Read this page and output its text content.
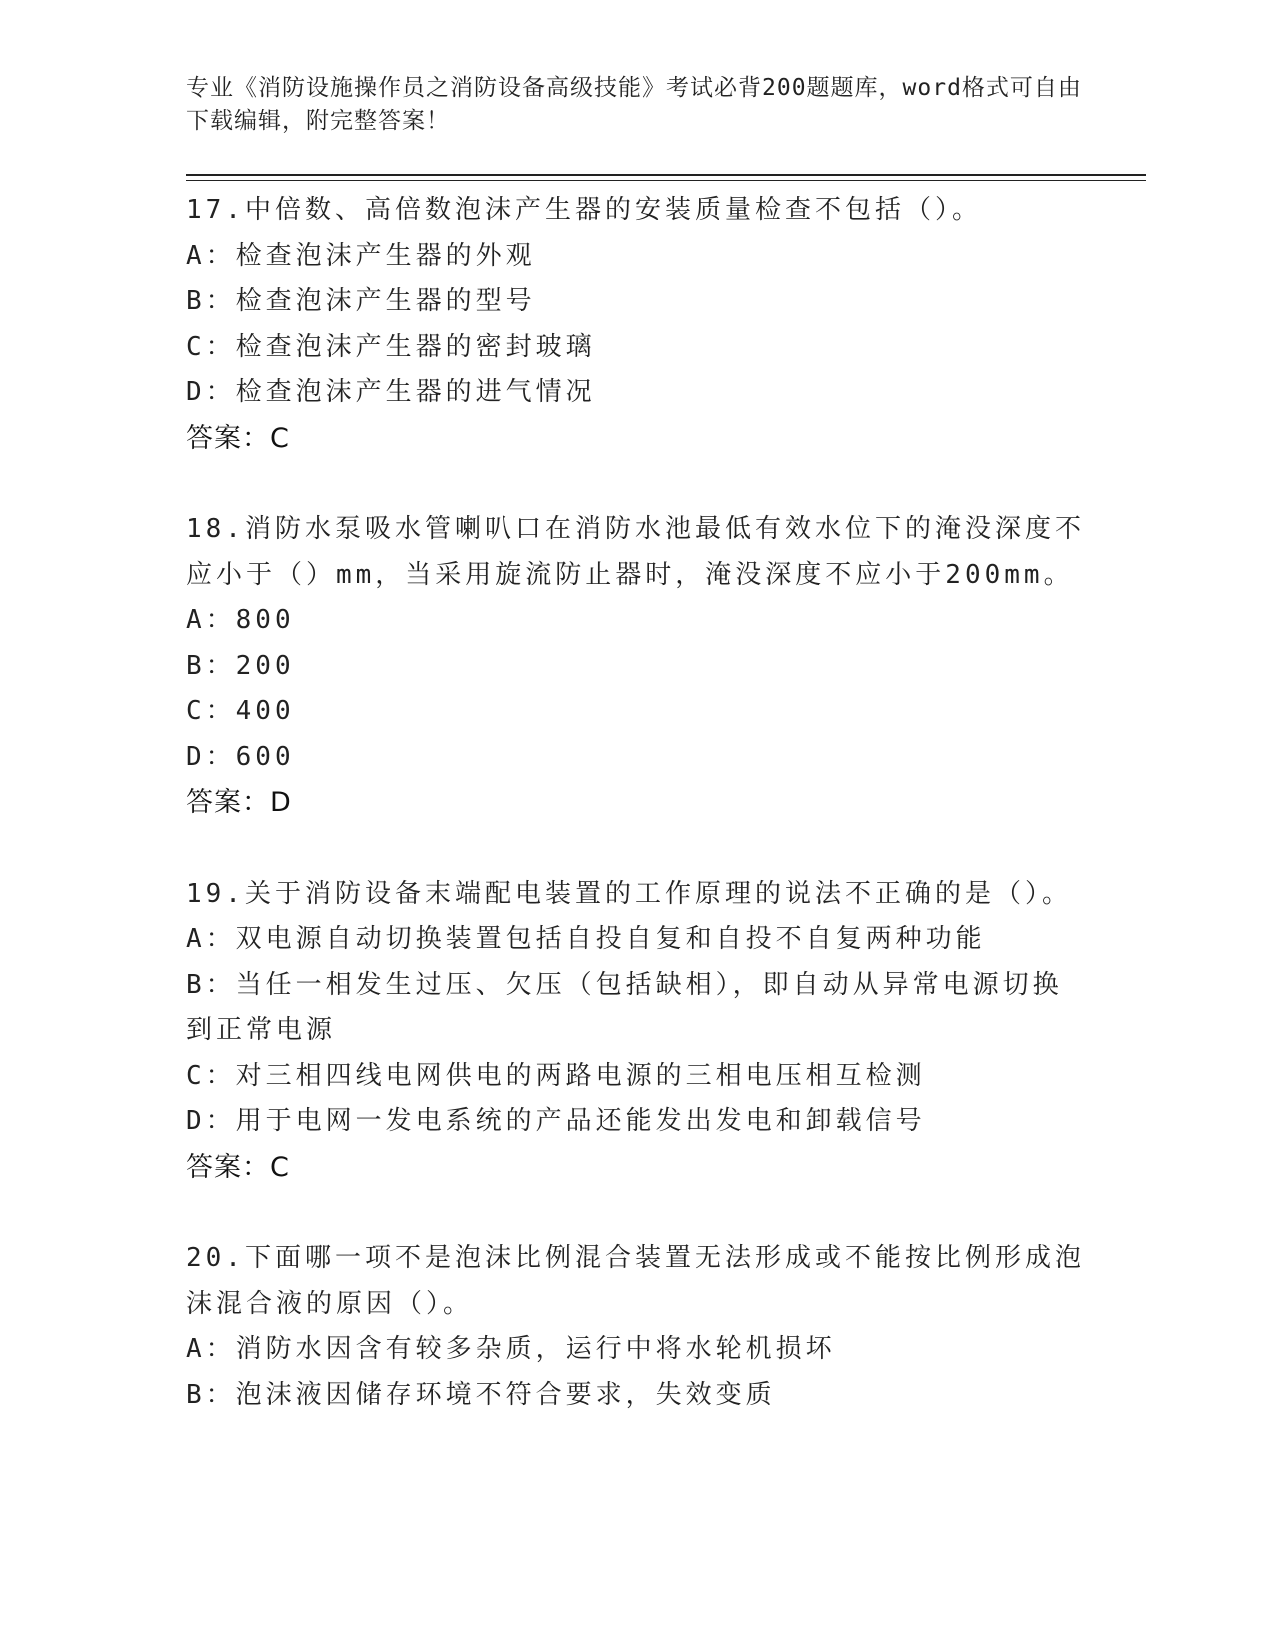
专业《消防设施操作员之消防设备高级技能》考试必背200题题库，word格式可自由下载编辑，附完整答案！
17.中倍数、高倍数泡沫产生器的安装质量检查不包括（）。
A：检查泡沫产生器的外观
B：检查泡沫产生器的型号
C：检查泡沫产生器的密封玻璃
D：检查泡沫产生器的进气情况
答案：C
18.消防水泵吸水管喇叭口在消防水池最低有效水位下的淹没深度不应小于（）mm，当采用旋流防止器时，淹没深度不应小于200mm。
A：800
B：200
C：400
D：600
答案：D
19.关于消防设备末端配电装置的工作原理的说法不正确的是（）。
A：双电源自动切换装置包括自投自复和自投不自复两种功能
B：当任一相发生过压、欠压（包括缺相），即自动从异常电源切换到正常电源
C：对三相四线电网供电的两路电源的三相电压相互检测
D：用于电网一发电系统的产品还能发出发电和卸载信号
答案：C
20.下面哪一项不是泡沫比例混合装置无法形成或不能按比例形成泡沫混合液的原因（）。
A：消防水因含有较多杂质，运行中将水轮机损坏
B：泡沫液因储存环境不符合要求，失效变质
